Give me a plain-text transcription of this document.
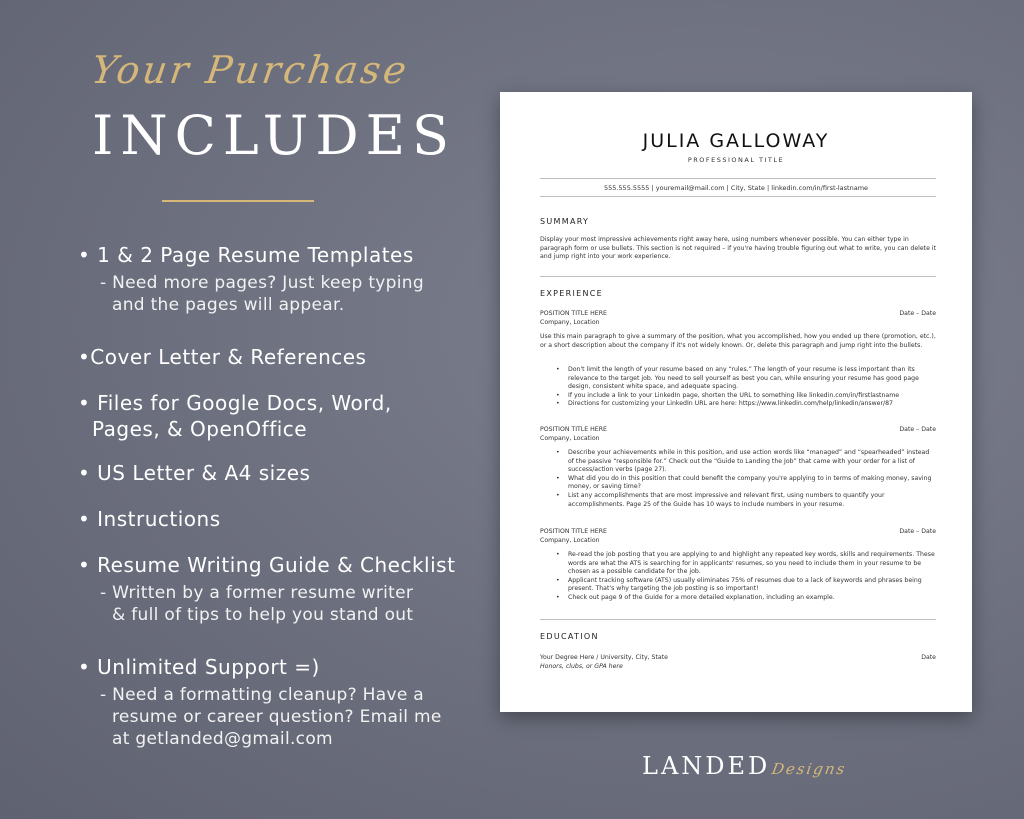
Your Purchase
INCLUDES
• 1 & 2 Page Resume Templates
- Need more pages? Just keep typing
and the pages will appear.
•Cover Letter & References
• Files for Google Docs, Word,
Pages, & OpenOffice
• US Letter & A4 sizes
• Instructions
• Resume Writing Guide & Checklist
- Written by a former resume writer
& full of tips to help you stand out
• Unlimited Support =)
- Need a formatting cleanup? Have a
resume or career question? Email me
at getlanded@gmail.com
JULIA GALLOWAY
PROFESSIONAL TITLE
555.555.5555 | youremail@mail.com | City, State | linkedin.com/in/first-lastname
SUMMARY
Display your most impressive achievements right away here, using numbers whenever possible. You can either type in paragraph form or use bullets. This section is not required – if you're having trouble figuring out what to write, you can delete it and jump right into your work experience.
EXPERIENCE
POSITION TITLE HERE	Date – Date
Company, Location
Use this main paragraph to give a summary of the position, what you accomplished, how you ended up there (promotion, etc.), or a short description about the company if it's not widely known. Or, delete this paragraph and jump right into the bullets.
• Don't limit the length of your resume based on any “rules.” The length of your resume is less important than its relevance to the target job. You need to sell yourself as best you can, while ensuring your resume has good page design, consistent white space, and adequate spacing.
• If you include a link to your LinkedIn page, shorten the URL to something like linkedin.com/in/firstlastname
• Directions for customizing your LinkedIn URL are here: https://www.linkedin.com/help/linkedin/answer/87
POSITION TITLE HERE	Date – Date
Company, Location
• Describe your achievements while in this position, and use action words like “managed” and “spearheaded” instead of the passive “responsible for.” Check out the “Guide to Landing the Job” that came with your order for a list of success/action verbs (page 27).
• What did you do in this position that could benefit the company you're applying to in terms of making money, saving money, or saving time?
• List any accomplishments that are most impressive and relevant first, using numbers to quantify your accomplishments. Page 25 of the Guide has 10 ways to include numbers in your resume.
POSITION TITLE HERE	Date – Date
Company, Location
• Re-read the job posting that you are applying to and highlight any repeated key words, skills and requirements. These words are what the ATS is searching for in applicants' resumes, so you need to include them in your resume to be chosen as a possible candidate for the job.
• Applicant tracking software (ATS) usually eliminates 75% of resumes due to a lack of keywords and phrases being present. That's why targeting the job posting is so important!
• Check out page 9 of the Guide for a more detailed explanation, including an example.
EDUCATION
Your Degree Here / University, City, State	Date
Honors, clubs, or GPA here
LANDED Designs
